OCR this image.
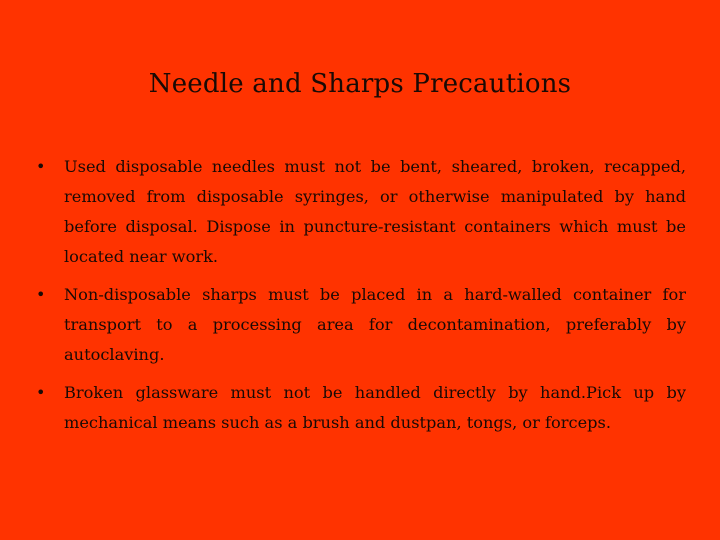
Needle and Sharps Precautions
•	Used disposable needles must not be bent, sheared, broken, recapped, removed from disposable syringes, or otherwise manipulated by hand before disposal. Dispose in puncture-resistant containers which must be located near work.
•	Non-disposable sharps must be placed in a hard-walled container for transport to a processing area for decontamination, preferably by autoclaving.
•	Broken glassware must not be handled directly by hand.Pick up by mechanical means such as a brush and dustpan, tongs, or forceps.
